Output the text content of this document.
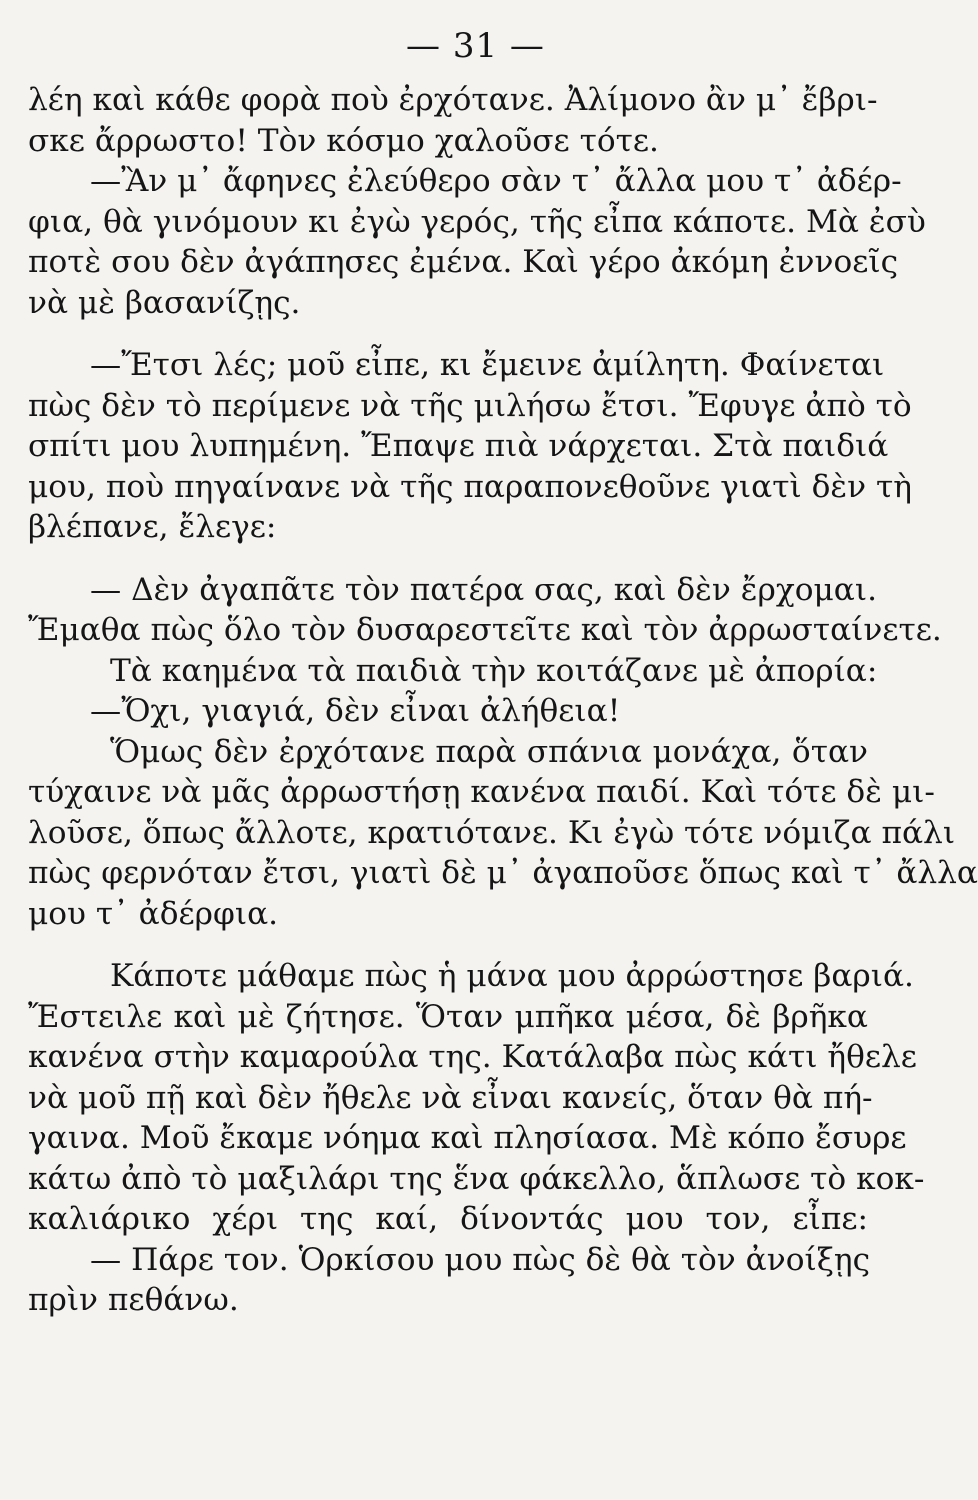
— 31 —
λέη καὶ κάθε φορὰ ποὺ ἐρχότανε. Ἀλίμονο ἂν μ᾿ ἔβρι-
σκε ἄρρωστο! Τὸν κόσμο χαλοῦσε τότε.
—Ἂν μ᾿ ἄφηνες ἐλεύθερο σὰν τ᾿ ἄλλα μου τ᾿ ἀδέρ-
φια, θὰ γινόμουν κι ἐγὼ γερός, τῆς εἶπα κάποτε. Μὰ ἐσὺ
ποτὲ σου δὲν ἀγάπησες ἐμένα. Καὶ γέρο ἀκόμη ἐννοεῖς
νὰ μὲ βασανίζῃς.
—Ἔτσι λές; μοῦ εἶπε, κι ἔμεινε ἀμίλητη. Φαίνεται
πὼς δὲν τὸ περίμενε νὰ τῆς μιλήσω ἔτσι. Ἔφυγε ἀπὸ τὸ
σπίτι μου λυπημένη. Ἔπαψε πιὰ νάρχεται. Στὰ παιδιά
μου, ποὺ πηγαίνανε νὰ τῆς παραπονεθοῦνε γιατὶ δὲν τὴ
βλέπανε, ἔλεγε:
— Δὲν ἀγαπᾶτε τὸν πατέρα σας, καὶ δὲν ἔρχομαι.
Ἔμαθα πὼς ὅλο τὸν δυσαρεστεῖτε καὶ τὸν ἀρρωσταίνετε.
Τὰ καημένα τὰ παιδιὰ τὴν κοιτάζανε μὲ ἀπορία:
—Ὄχι, γιαγιά, δὲν εἶναι ἀλήθεια!
Ὅμως δὲν ἐρχότανε παρὰ σπάνια μονάχα, ὅταν
τύχαινε νὰ μᾶς ἀρρωστήσῃ κανένα παιδί. Καὶ τότε δὲ μι-
λοῦσε, ὅπως ἄλλοτε, κρατιότανε. Κι ἐγὼ τότε νόμιζα πάλι
πὼς φερνόταν ἔτσι, γιατὶ δὲ μ᾿ ἀγαποῦσε ὅπως καὶ τ᾿ ἄλλα
μου τ᾿ ἀδέρφια.
Κάποτε μάθαμε πὼς ἡ μάνα μου ἀρρώστησε βαριά.
Ἔστειλε καὶ μὲ ζήτησε. Ὅταν μπῆκα μέσα, δὲ βρῆκα
κανένα στὴν καμαρούλα της. Κατάλαβα πὼς κάτι ἤθελε
νὰ μοῦ πῇ καὶ δὲν ἤθελε νὰ εἶναι κανείς, ὅταν θὰ πή-
γαινα. Μοῦ ἔκαμε νόημα καὶ πλησίασα. Μὲ κόπο ἔσυρε
κάτω ἀπὸ τὸ μαξιλάρι της ἕνα φάκελλο, ἅπλωσε τὸ κοκ-
καλιάρικο χέρι της καί, δίνοντάς μου τον, εἶπε:
— Πάρε τον. Ὁρκίσου μου πὼς δὲ θὰ τὸν ἀνοίξῃς
πρὶν πεθάνω.
